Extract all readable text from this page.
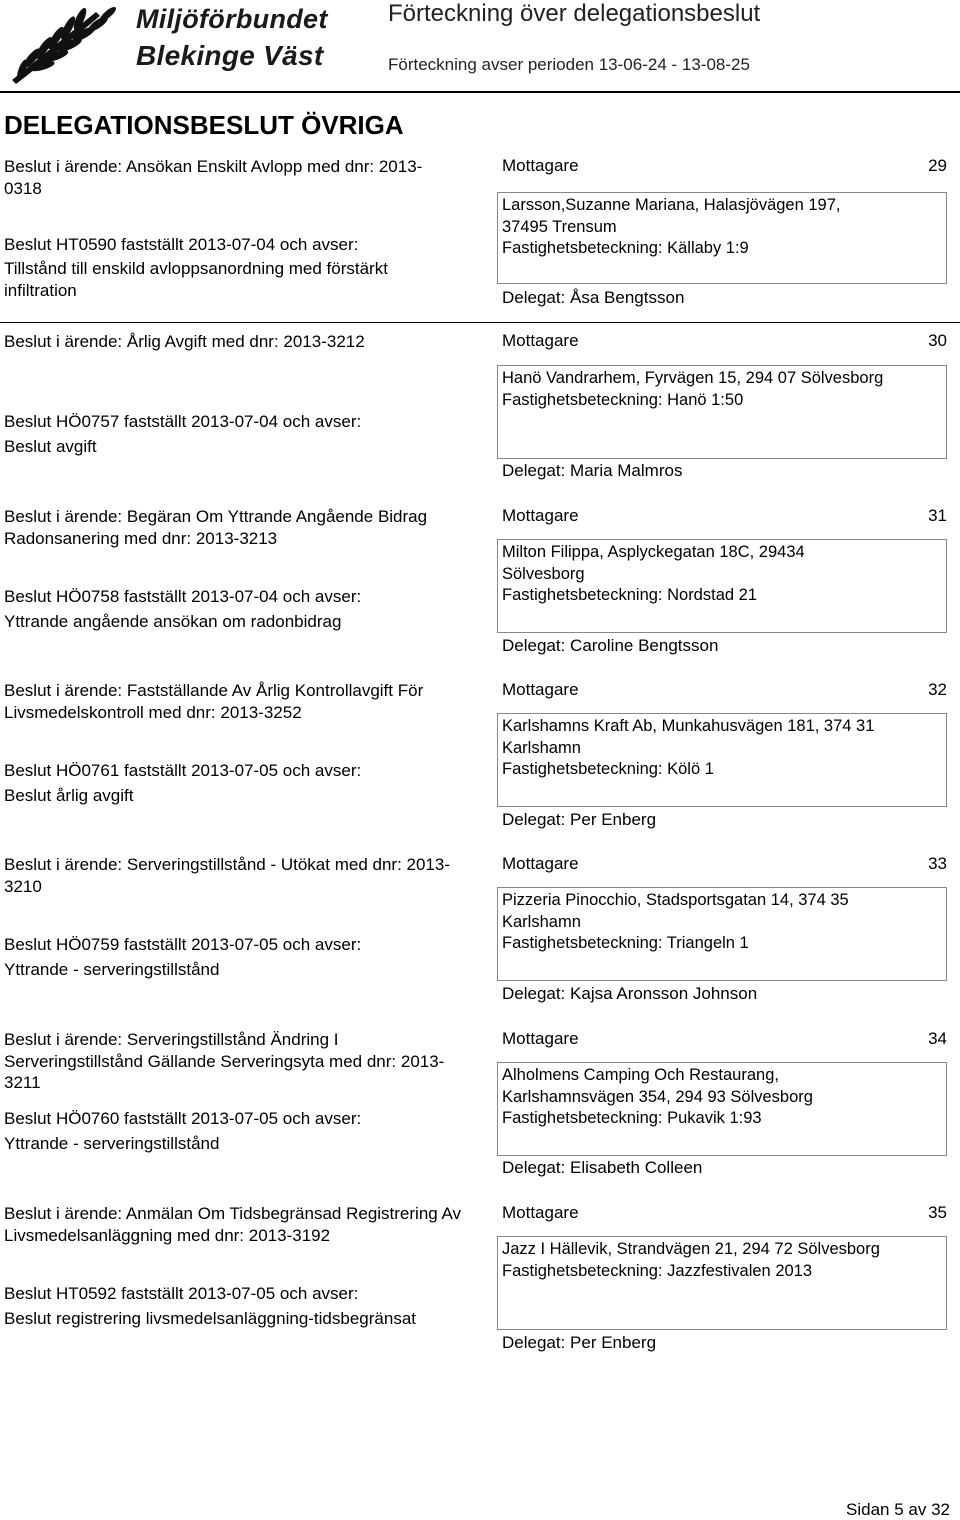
Miljöförbundet
Blekinge Väst
Förteckning över delegationsbeslut
Förteckning avser perioden 13-06-24 - 13-08-25
DELEGATIONSBESLUT ÖVRIGA
Beslut i ärende: Ansökan Enskilt Avlopp med dnr: 2013-0318
Beslut HT0590 fastställt 2013-07-04 och avser:
Tillstånd till enskild avloppsanordning med förstärkt infiltration
Mottagare	29
Larsson,Suzanne Mariana, Halasjövägen 197,
37495 Trensum
Fastighetsbeteckning: Källaby 1:9
Delegat: Åsa Bengtsson
Beslut i ärende: Årlig Avgift med dnr: 2013-3212
Beslut HÖ0757 fastställt 2013-07-04 och avser:
Beslut avgift
Mottagare	30
Hanö Vandrarhem, Fyrvägen 15, 294 07 Sölvesborg
Fastighetsbeteckning: Hanö 1:50
Delegat: Maria Malmros
Beslut i ärende: Begäran Om Yttrande Angående Bidrag Radonsanering med dnr: 2013-3213
Beslut HÖ0758 fastställt 2013-07-04 och avser:
Yttrande angående ansökan om radonbidrag
Mottagare	31
Milton Filippa, Asplyckegatan 18C, 29434
Sölvesborg
Fastighetsbeteckning: Nordstad 21
Delegat: Caroline Bengtsson
Beslut i ärende: Fastställande Av Årlig Kontrollavgift För Livsmedelskontroll med dnr: 2013-3252
Beslut HÖ0761 fastställt 2013-07-05 och avser:
Beslut årlig avgift
Mottagare	32
Karlshamns Kraft Ab, Munkahusvägen 181, 374 31
Karlshamn
Fastighetsbeteckning: Kölö 1
Delegat: Per Enberg
Beslut i ärende: Serveringstillstånd - Utökat med dnr: 2013-3210
Beslut HÖ0759 fastställt 2013-07-05 och avser:
Yttrande - serveringstillstånd
Mottagare	33
Pizzeria Pinocchio, Stadsportsgatan 14, 374 35
Karlshamn
Fastighetsbeteckning: Triangeln 1
Delegat: Kajsa Aronsson Johnson
Beslut i ärende: Serveringstillstånd Ändring I Serveringstillstånd Gällande Serveringsyta med dnr: 2013-3211
Beslut HÖ0760 fastställt 2013-07-05 och avser:
Yttrande - serveringstillstånd
Mottagare	34
Alholmens Camping Och Restaurang,
Karlshamnsvägen 354, 294 93 Sölvesborg
Fastighetsbeteckning: Pukavik 1:93
Delegat: Elisabeth Colleen
Beslut i ärende: Anmälan Om Tidsbegränsad Registrering Av Livsmedelsanläggning med dnr: 2013-3192
Beslut HT0592 fastställt 2013-07-05 och avser:
Beslut registrering livsmedelsanläggning-tidsbegränsat
Mottagare	35
Jazz I Hällevik, Strandvägen 21, 294 72 Sölvesborg
Fastighetsbeteckning: Jazzfestivalen 2013
Delegat: Per Enberg
Sidan 5 av 32
